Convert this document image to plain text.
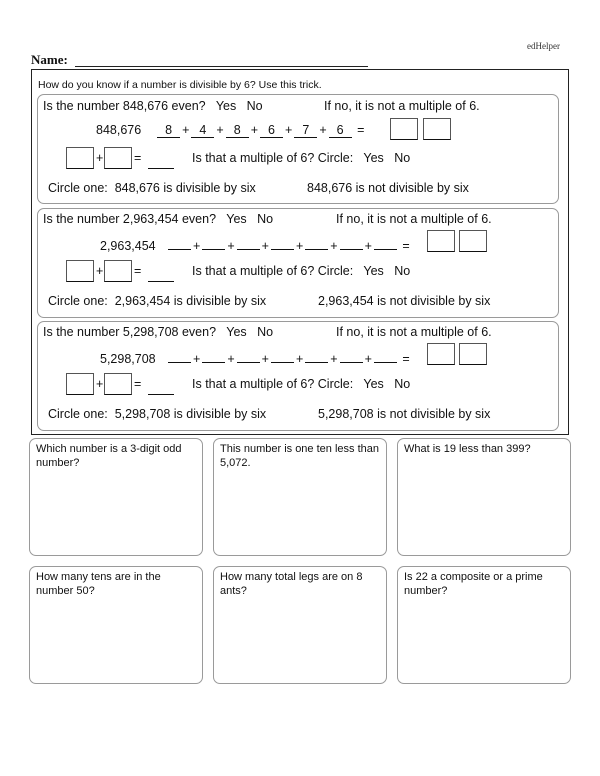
edHelper
Name:
How do you know if a number is divisible by 6? Use this trick.
Is the number 848,676 even? Yes No	If no, it is not a multiple of 6.
848,676 8 + 4 + 8 + 6 + 7 + 6 =
+ =	Is that a multiple of 6? Circle: Yes No
Circle one: 848,676 is divisible by six	848,676 is not divisible by six
Is the number 2,963,454 even? Yes No	If no, it is not a multiple of 6.
2,963,454	+ + + + + + =
+ =	Is that a multiple of 6? Circle: Yes No
Circle one: 2,963,454 is divisible by six	2,963,454 is not divisible by six
Is the number 5,298,708 even? Yes No	If no, it is not a multiple of 6.
5,298,708	+ + + + + + =
+ =	Is that a multiple of 6? Circle: Yes No
Circle one: 5,298,708 is divisible by six	5,298,708 is not divisible by six
Which number is a 3-digit odd number?
This number is one ten less than 5,072.
What is 19 less than 399?
How many tens are in the number 50?
How many total legs are on 8 ants?
Is 22 a composite or a prime number?
